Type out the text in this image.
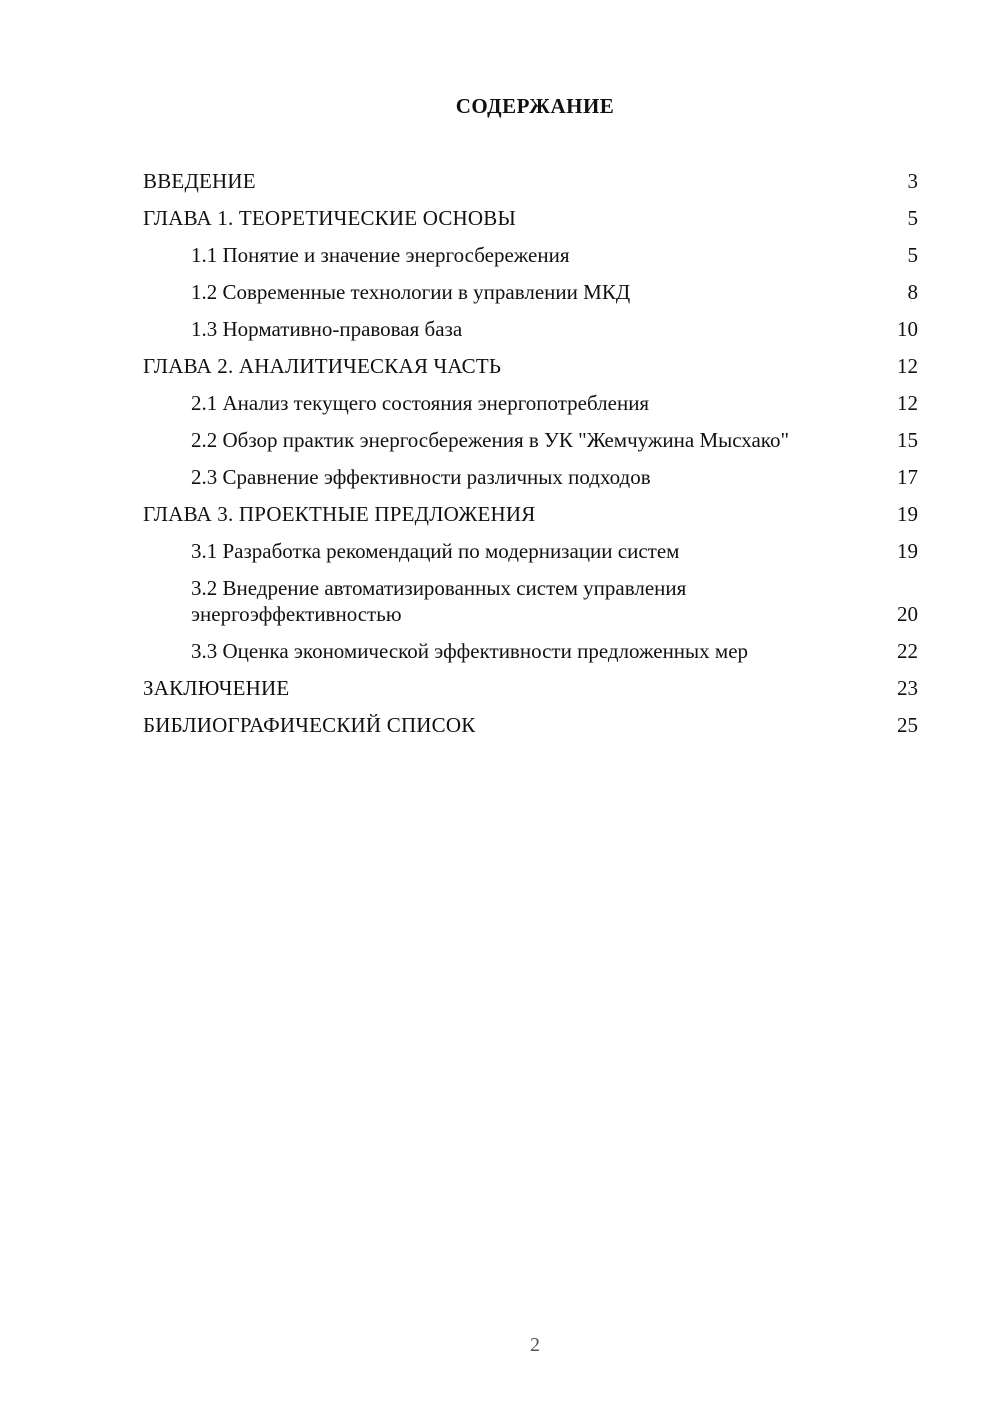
СОДЕРЖАНИЕ
ВВЕДЕНИЕ	3
ГЛАВА 1. ТЕОРЕТИЧЕСКИЕ ОСНОВЫ	5
1.1 Понятие и значение энергосбережения	5
1.2 Современные технологии в управлении МКД	8
1.3 Нормативно-правовая база	10
ГЛАВА 2. АНАЛИТИЧЕСКАЯ ЧАСТЬ	12
2.1 Анализ текущего состояния энергопотребления	12
2.2 Обзор практик энергосбережения в УК "Жемчужина Мысхако"	15
2.3 Сравнение эффективности различных подходов	17
ГЛАВА 3. ПРОЕКТНЫЕ ПРЕДЛОЖЕНИЯ	19
3.1 Разработка рекомендаций по модернизации систем	19
3.2 Внедрение автоматизированных систем управления энергоэффективностью	20
3.3 Оценка экономической эффективности предложенных мер	22
ЗАКЛЮЧЕНИЕ	23
БИБЛИОГРАФИЧЕСКИЙ СПИСОК	25
2
